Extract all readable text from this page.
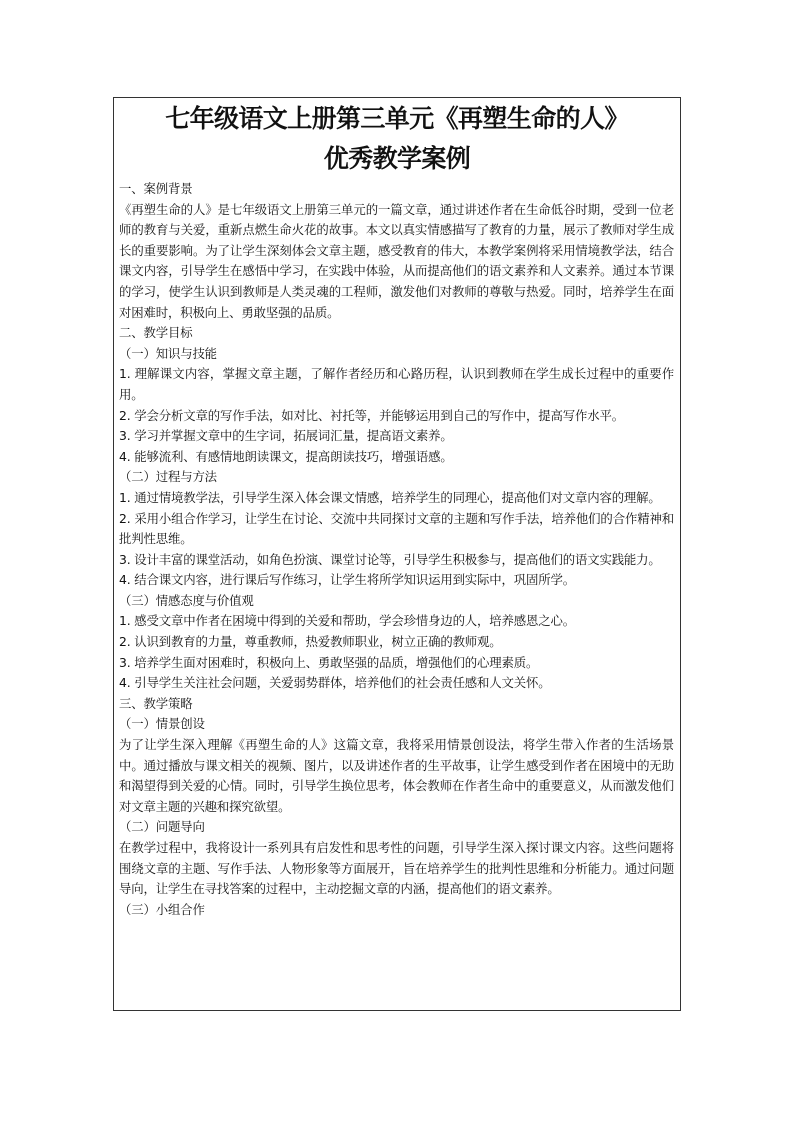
七年级语文上册第三单元《再塑生命的人》
优秀教学案例

一、案例背景

《再塑生命的人》是七年级语文上册第三单元的一篇文章，通过讲述作者在生命低谷时期，受到一位老师的教育与关爱，重新点燃生命火花的故事。本文以真实情感描写了教育的力量，展示了教师对学生成长的重要影响。为了让学生深刻体会文章主题，感受教育的伟大，本教学案例将采用情境教学法，结合课文内容，引导学生在感悟中学习，在实践中体验，从而提高他们的语文素养和人文素养。通过本节课的学习，使学生认识到教师是人类灵魂的工程师，激发他们对教师的尊敬与热爱。同时，培养学生在面对困难时，积极向上、勇敢坚强的品质。

二、教学目标

（一）知识与技能

1. 理解课文内容，掌握文章主题，了解作者经历和心路历程，认识到教师在学生成长过程中的重要作用。

2. 学会分析文章的写作手法，如对比、衬托等，并能够运用到自己的写作中，提高写作水平。

3. 学习并掌握文章中的生字词，拓展词汇量，提高语文素养。

4. 能够流利、有感情地朗读课文，提高朗读技巧，增强语感。

（二）过程与方法

1. 通过情境教学法，引导学生深入体会课文情感，培养学生的同理心，提高他们对文章内容的理解。

2. 采用小组合作学习，让学生在讨论、交流中共同探讨文章的主题和写作手法，培养他们的合作精神和批判性思维。

3. 设计丰富的课堂活动，如角色扮演、课堂讨论等，引导学生积极参与，提高他们的语文实践能力。

4. 结合课文内容，进行课后写作练习，让学生将所学知识运用到实际中，巩固所学。

（三）情感态度与价值观

1. 感受文章中作者在困境中得到的关爱和帮助，学会珍惜身边的人，培养感恩之心。

2. 认识到教育的力量，尊重教师，热爱教师职业，树立正确的教师观。

3. 培养学生面对困难时，积极向上、勇敢坚强的品质，增强他们的心理素质。

4. 引导学生关注社会问题，关爱弱势群体，培养他们的社会责任感和人文关怀。

三、教学策略

（一）情景创设

为了让学生深入理解《再塑生命的人》这篇文章，我将采用情景创设法，将学生带入作者的生活场景中。通过播放与课文相关的视频、图片，以及讲述作者的生平故事，让学生感受到作者在困境中的无助和渴望得到关爱的心情。同时，引导学生换位思考，体会教师在作者生命中的重要意义，从而激发他们对文章主题的兴趣和探究欲望。

（二）问题导向

在教学过程中，我将设计一系列具有启发性和思考性的问题，引导学生深入探讨课文内容。这些问题将围绕文章的主题、写作手法、人物形象等方面展开，旨在培养学生的批判性思维和分析能力。通过问题导向，让学生在寻找答案的过程中，主动挖掘文章的内涵，提高他们的语文素养。

（三）小组合作
